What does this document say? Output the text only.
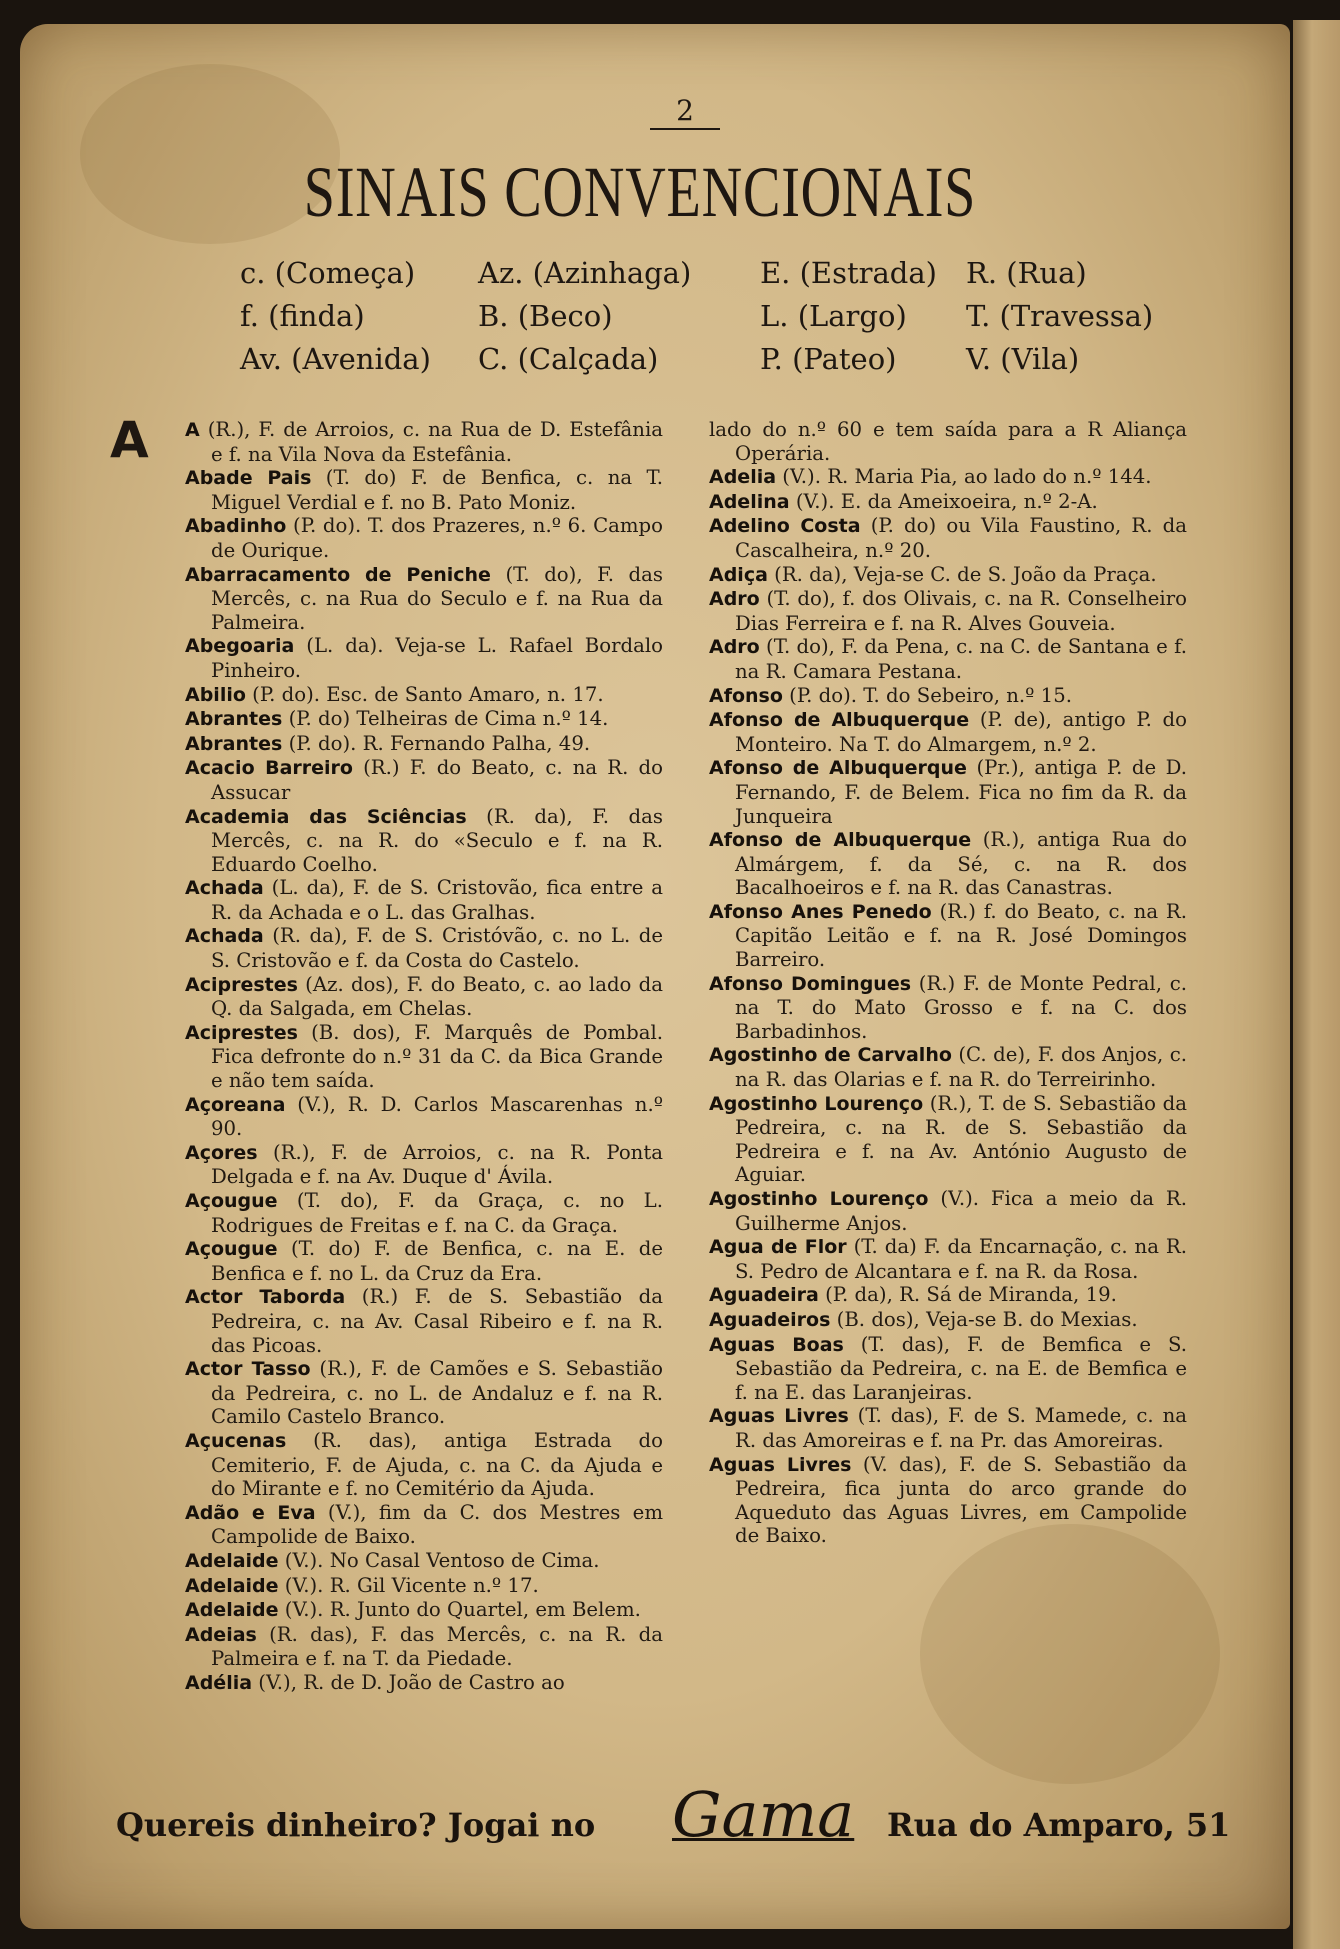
2
SINAIS CONVENCIONAIS
c. (Começa)
f. (finda)
Av. (Avenida)
Az. (Azinhaga)
B. (Beco)
C. (Calçada)
E. (Estrada)
L. (Largo)
P. (Pateo)
R. (Rua)
T. (Travessa)
V. (Vila)
A A (R.), F. de Arroios, c. na Rua de D. Estefânia e f. na Vila Nova da Estefânia.
Abade Pais (T. do) F. de Benfica, c. na T. Miguel Verdial e f. no B. Pato Moniz.
Abadinho (P. do). T. dos Prazeres, n.º 6. Campo de Ourique.
Abarracamento de Peniche (T. do), F. das Mercês, c. na Rua do Seculo e f. na Rua da Palmeira.
Abegoaria (L. da). Veja-se L. Rafael Bordalo Pinheiro.
Abilio (P. do). Esc. de Santo Amaro, n. 17.
Abrantes (P. do) Telheiras de Cima n.º 14.
Abrantes (P. do). R. Fernando Palha, 49.
Acacio Barreiro (R.) F. do Beato, c. na R. do Assucar
Academia das Sciências (R. da), F. das Mercês, c. na R. do «Seculo e f. na R. Eduardo Coelho.
Achada (L. da), F. de S. Cristovão, fica entre a R. da Achada e o L. das Gralhas.
Achada (R. da), F. de S. Cristóvão, c. no L. de S. Cristovão e f. da Costa do Castelo.
Aciprestes (Az. dos), F. do Beato, c. ao lado da Q. da Salgada, em Chelas.
Aciprestes (B. dos), F. Marquês de Pombal. Fica defronte do n.º 31 da C. da Bica Grande e não tem saída.
Açoreana (V.), R. D. Carlos Mascarenhas n.º 90.
Açores (R.), F. de Arroios, c. na R. Ponta Delgada e f. na Av. Duque d' Ávila.
Açougue (T. do), F. da Graça, c. no L. Rodrigues de Freitas e f. na C. da Graça.
Açougue (T. do) F. de Benfica, c. na E. de Benfica e f. no L. da Cruz da Era.
Actor Taborda (R.) F. de S. Sebastião da Pedreira, c. na Av. Casal Ribeiro e f. na R. das Picoas.
Actor Tasso (R.), F. de Camões e S. Sebastião da Pedreira, c. no L. de Andaluz e f. na R. Camilo Castelo Branco.
Açucenas (R. das), antiga Estrada do Cemiterio, F. de Ajuda, c. na C. da Ajuda e do Mirante e f. no Cemitério da Ajuda.
Adão e Eva (V.), fim da C. dos Mestres em Campolide de Baixo.
Adelaide (V.). No Casal Ventoso de Cima.
Adelaide (V.). R. Gil Vicente n.º 17.
Adelaide (V.). R. Junto do Quartel, em Belem.
Adeias (R. das), F. das Mercês, c. na R. da Palmeira e f. na T. da Piedade.
Adélia (V.), R. de D. João de Castro ao
lado do n.º 60 e tem saída para a R Aliança Operária.
Adelia (V.). R. Maria Pia, ao lado do n.º 144.
Adelina (V.). E. da Ameixoeira, n.º 2-A.
Adelino Costa (P. do) ou Vila Faustino, R. da Cascalheira, n.º 20.
Adiça (R. da), Veja-se C. de S. João da Praça.
Adro (T. do), f. dos Olivais, c. na R. Conselheiro Dias Ferreira e f. na R. Alves Gouveia.
Adro (T. do), F. da Pena, c. na C. de Santana e f. na R. Camara Pestana.
Afonso (P. do). T. do Sebeiro, n.º 15.
Afonso de Albuquerque (P. de), antigo P. do Monteiro. Na T. do Almargem, n.º 2.
Afonso de Albuquerque (Pr.), antiga P. de D. Fernando, F. de Belem. Fica no fim da R. da Junqueira
Afonso de Albuquerque (R.), antiga Rua do Almárgem, f. da Sé, c. na R. dos Bacalhoeiros e f. na R. das Canastras.
Afonso Anes Penedo (R.) f. do Beato, c. na R. Capitão Leitão e f. na R. José Domingos Barreiro.
Afonso Domingues (R.) F. de Monte Pedral, c. na T. do Mato Grosso e f. na C. dos Barbadinhos.
Agostinho de Carvalho (C. de), F. dos Anjos, c. na R. das Olarias e f. na R. do Terreirinho.
Agostinho Lourenço (R.), T. de S. Sebastião da Pedreira, c. na R. de S. Sebastião da Pedreira e f. na Av. António Augusto de Aguiar.
Agostinho Lourenço (V.). Fica a meio da R. Guilherme Anjos.
Agua de Flor (T. da) F. da Encarnação, c. na R. S. Pedro de Alcantara e f. na R. da Rosa.
Aguadeira (P. da), R. Sá de Miranda, 19.
Aguadeiros (B. dos), Veja-se B. do Mexias.
Aguas Boas (T. das), F. de Bemfica e S. Sebastião da Pedreira, c. na E. de Bemfica e f. na E. das Laranjeiras.
Aguas Livres (T. das), F. de S. Mamede, c. na R. das Amoreiras e f. na Pr. das Amoreiras.
Aguas Livres (V. das), F. de S. Sebastião da Pedreira, fica junta do arco grande do Aqueduto das Aguas Livres, em Campolide de Baixo.
Quereis dinheiro? Jogai no Gama Rua do Amparo, 51
